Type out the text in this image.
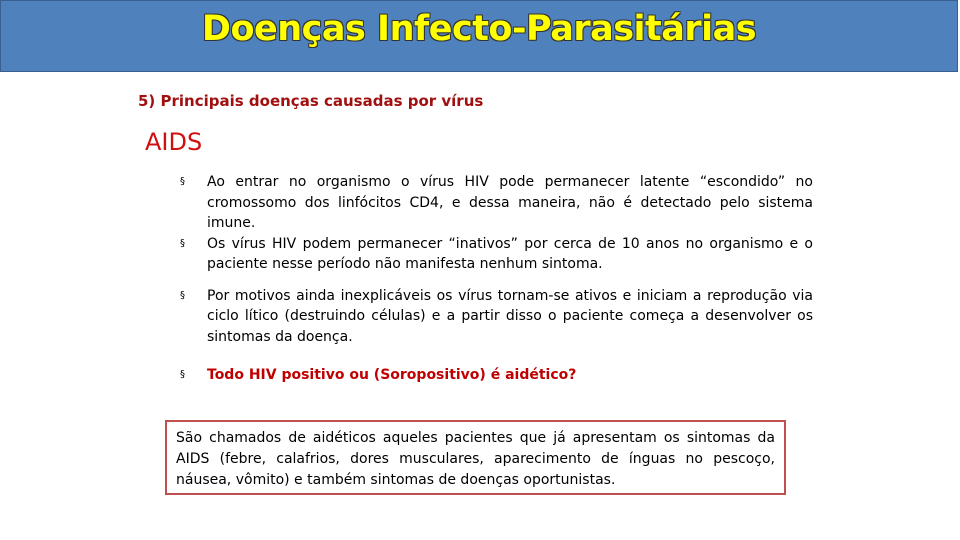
Doenças Infecto-Parasitárias
5) Principais doenças causadas por vírus
AIDS
§ Ao entrar no organismo o vírus HIV pode permanecer latente “escondido” no cromossomo dos linfócitos CD4, e dessa maneira, não é detectado pelo sistema imune.
§ Os vírus HIV podem permanecer “inativos” por cerca de 10 anos no organismo e o paciente nesse período não manifesta nenhum sintoma.
§ Por motivos ainda inexplicáveis os vírus tornam-se ativos e iniciam a reprodução via ciclo lítico (destruindo células) e a partir disso o paciente começa a desenvolver os sintomas da doença.
§ Todo HIV positivo ou (Soropositivo) é aidético?
São chamados de aidéticos aqueles pacientes que já apresentam os sintomas da AIDS (febre, calafrios, dores musculares, aparecimento de ínguas no pescoço, náusea, vômito) e também sintomas de doenças oportunistas.
